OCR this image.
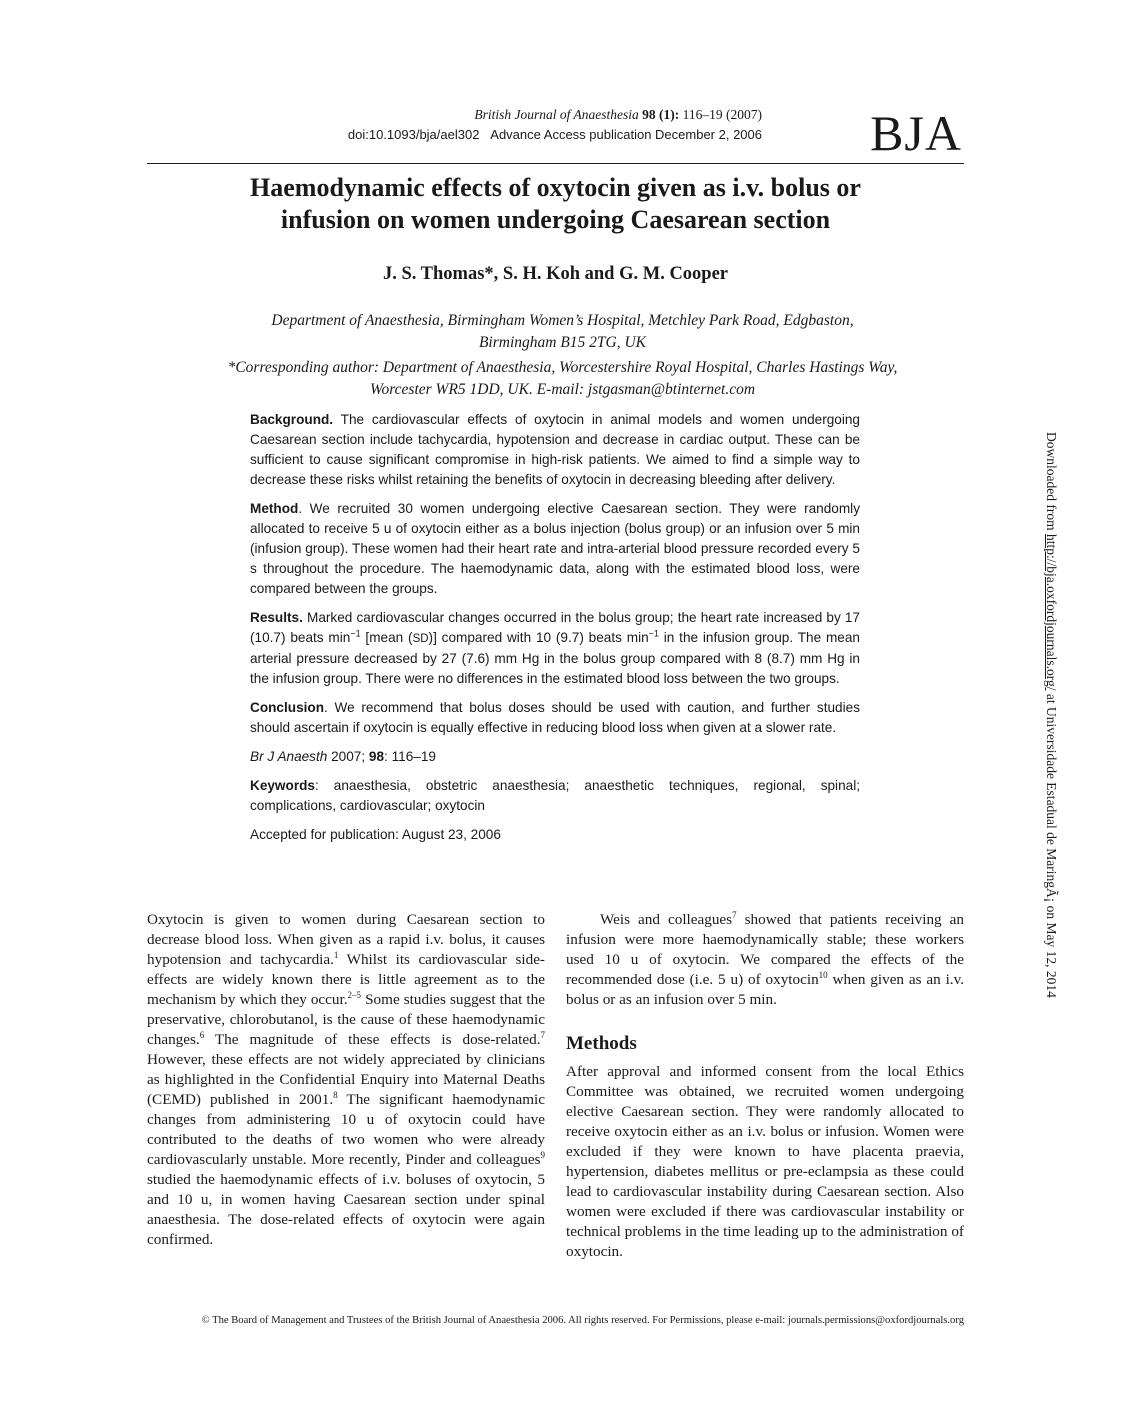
British Journal of Anaesthesia 98 (1): 116–19 (2007)
doi:10.1093/bja/ael302 Advance Access publication December 2, 2006 BJA
Haemodynamic effects of oxytocin given as i.v. bolus or
infusion on women undergoing Caesarean section
J. S. Thomas*, S. H. Koh and G. M. Cooper
Department of Anaesthesia, Birmingham Women’s Hospital, Metchley Park Road, Edgbaston,
Birmingham B15 2TG, UK
*Corresponding author: Department of Anaesthesia, Worcestershire Royal Hospital, Charles Hastings Way,
Worcester WR5 1DD, UK. E-mail: jstgasman@btinternet.com

Background. The cardiovascular effects of oxytocin in animal models and women undergoing Caesarean section include tachycardia, hypotension and decrease in cardiac output. These can be sufficient to cause significant compromise in high-risk patients. We aimed to find a simple way to decrease these risks whilst retaining the benefits of oxytocin in decreasing bleeding after delivery.

Method. We recruited 30 women undergoing elective Caesarean section. They were randomly allocated to receive 5 u of oxytocin either as a bolus injection (bolus group) or an infusion over 5 min (infusion group). These women had their heart rate and intra-arterial blood pressure recorded every 5 s throughout the procedure. The haemodynamic data, along with the estimated blood loss, were compared between the groups.

Results. Marked cardiovascular changes occurred in the bolus group; the heart rate increased by 17 (10.7) beats $\min^{-1}$ [mean (SD)] compared with 10 (9.7) beats $\min^{-1}$ in the infusion group. The mean arterial pressure decreased by 27 (7.6) mm Hg in the bolus group compared with 8 (8.7) mm Hg in the infusion group. There were no differences in the estimated blood loss between the two groups.

Conclusion. We recommend that bolus doses should be used with caution, and further studies should ascertain if oxytocin is equally effective in reducing blood loss when given at a slower rate.

Br J Anaesth 2007; 98: 116–19

Keywords: anaesthesia, obstetric anaesthesia; anaesthetic techniques, regional, spinal; complications, cardiovascular; oxytocin

Accepted for publication: August 23, 2006

Oxytocin is given to women during Caesarean section to decrease blood loss. When given as a rapid i.v. bolus, it causes hypotension and tachycardia.$^1$ Whilst its cardiovascular side-effects are widely known there is little agreement as to the mechanism by which they occur.$^{2-5}$ Some studies suggest that the preservative, chlorobutanol, is the cause of these haemodynamic changes.$^6$ The magnitude of these effects is dose-related.$^7$ However, these effects are not widely appreciated by clinicians as highlighted in the Confidential Enquiry into Maternal Deaths (CEMD) published in 2001.$^8$ The significant haemodynamic changes from administering 10 u of oxytocin could have contributed to the deaths of two women who were already cardiovascularly unstable. More recently, Pinder and colleagues$^9$ studied the haemodynamic effects of i.v. boluses of oxytocin, 5 and 10 u, in women having Caesarean section under spinal anaesthesia. The dose-related effects of oxytocin were again confirmed.

Weis and colleagues$^7$ showed that patients receiving an infusion were more haemodynamically stable; these workers used 10 u of oxytocin. We compared the effects of the recommended dose (i.e. 5 u) of oxytocin$^{10}$ when given as an i.v. bolus or as an infusion over 5 min.

Methods

After approval and informed consent from the local Ethics Committee was obtained, we recruited women undergoing elective Caesarean section. They were randomly allocated to receive oxytocin either as an i.v. bolus or infusion. Women were excluded if they were known to have placenta praevia, hypertension, diabetes mellitus or pre-eclampsia as these could lead to cardiovascular instability during Caesarean section. Also women were excluded if there was cardiovascular instability or technical problems in the time leading up to the administration of oxytocin.

© The Board of Management and Trustees of the British Journal of Anaesthesia 2006. All rights reserved. For Permissions, please e-mail: journals.permissions@oxfordjournals.org
Downloaded from http://bja.oxfordjournals.org/ at Universidade Estadual de MaringÃ¡ on May 12, 2014
